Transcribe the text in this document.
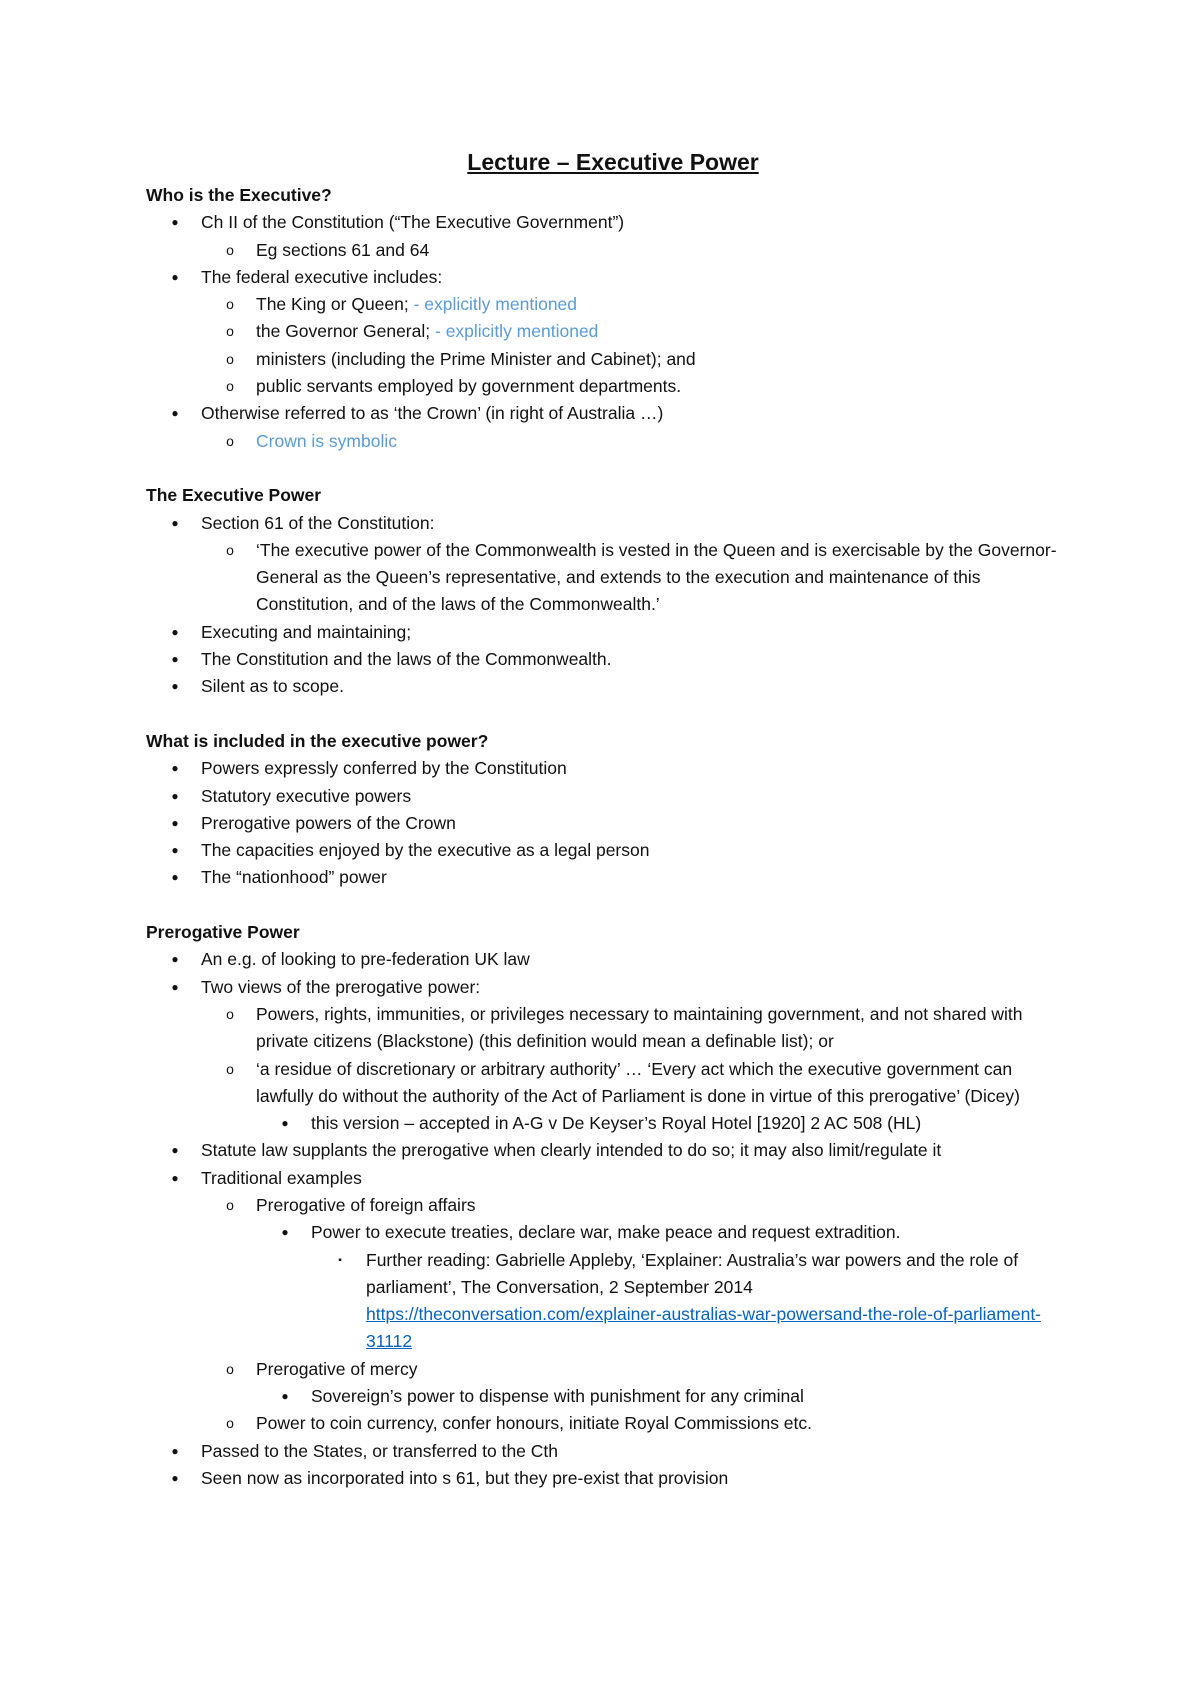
Lecture – Executive Power
Who is the Executive?
●	Ch II of the Constitution (“The Executive Government”)
o	Eg sections 61 and 64
●	The federal executive includes:
o	The King or Queen; - explicitly mentioned
o	the Governor General; - explicitly mentioned
o	ministers (including the Prime Minister and Cabinet); and
o	public servants employed by government departments.
●	Otherwise referred to as ‘the Crown’ (in right of Australia …)
o	Crown is symbolic
The Executive Power
●	Section 61 of the Constitution:
o	‘The executive power of the Commonwealth is vested in the Queen and is exercisable by the Governor-General as the Queen’s representative, and extends to the execution and maintenance of this Constitution, and of the laws of the Commonwealth.’
●	Executing and maintaining;
●	The Constitution and the laws of the Commonwealth.
●	Silent as to scope.
What is included in the executive power?
●	Powers expressly conferred by the Constitution
●	Statutory executive powers
●	Prerogative powers of the Crown
●	The capacities enjoyed by the executive as a legal person
●	The “nationhood” power
Prerogative Power
●	An e.g. of looking to pre-federation UK law
●	Two views of the prerogative power:
o	Powers, rights, immunities, or privileges necessary to maintaining government, and not shared with private citizens (Blackstone) (this definition would mean a definable list); or
o	‘a residue of discretionary or arbitrary authority’ … ‘Every act which the executive government can lawfully do without the authority of the Act of Parliament is done in virtue of this prerogative’ (Dicey)
●	this version – accepted in A-G v De Keyser’s Royal Hotel [1920] 2 AC 508 (HL)
●	Statute law supplants the prerogative when clearly intended to do so; it may also limit/regulate it
●	Traditional examples
o	Prerogative of foreign affairs
●	Power to execute treaties, declare war, make peace and request extradition.
▪	Further reading: Gabrielle Appleby, ‘Explainer: Australia’s war powers and the role of parliament’, The Conversation, 2 September 2014
https://theconversation.com/explainer-australias-war-powersand-the-role-of-parliament-31112
o	Prerogative of mercy
●	Sovereign’s power to dispense with punishment for any criminal
o	Power to coin currency, confer honours, initiate Royal Commissions etc.
●	Passed to the States, or transferred to the Cth
●	Seen now as incorporated into s 61, but they pre-exist that provision
